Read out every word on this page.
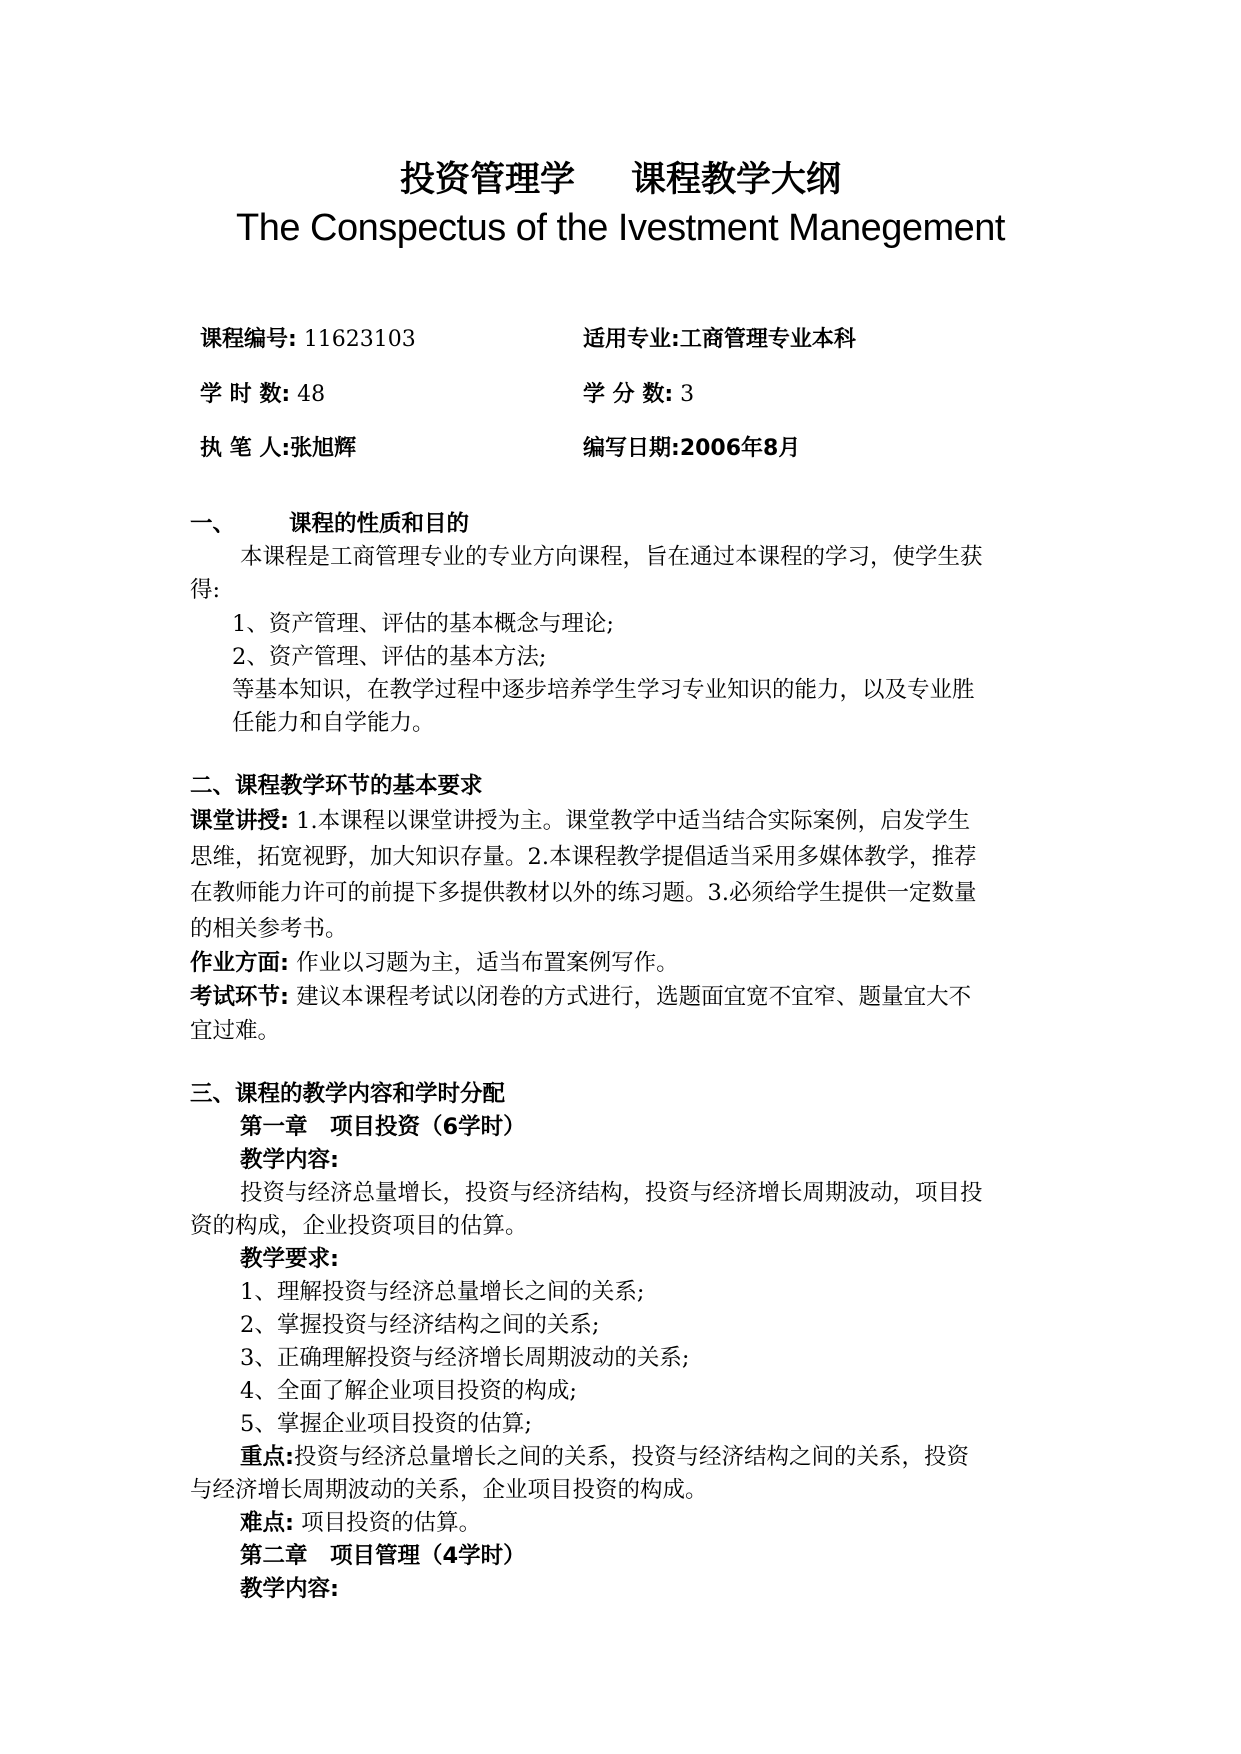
投资管理学 课程教学大纲
The Conspectus of the Ivestment Manegement
课程编号: 11623103	适用专业:工商管理专业本科
学 时 数: 48	学 分 数: 3
执 笔 人:张旭辉	编写日期:2006年8月
一、 课程的性质和目的
本课程是工商管理专业的专业方向课程，旨在通过本课程的学习，使学生获
得:
1、资产管理、评估的基本概念与理论;
2、资产管理、评估的基本方法;
等基本知识，在教学过程中逐步培养学生学习专业知识的能力，以及专业胜
任能力和自学能力。
二、课程教学环节的基本要求
课堂讲授: 1.本课程以课堂讲授为主。课堂教学中适当结合实际案例，启发学生
思维，拓宽视野，加大知识存量。2.本课程教学提倡适当采用多媒体教学，推荐
在教师能力许可的前提下多提供教材以外的练习题。3.必须给学生提供一定数量
的相关参考书。
作业方面: 作业以习题为主，适当布置案例写作。
考试环节: 建议本课程考试以闭卷的方式进行，选题面宜宽不宜窄、题量宜大不
宜过难。
三、课程的教学内容和学时分配
第一章　项目投资（6学时）
教学内容:
投资与经济总量增长，投资与经济结构，投资与经济增长周期波动，项目投
资的构成，企业投资项目的估算。
教学要求:
1、理解投资与经济总量增长之间的关系;
2、掌握投资与经济结构之间的关系;
3、正确理解投资与经济增长周期波动的关系;
4、全面了解企业项目投资的构成;
5、掌握企业项目投资的估算;
重点:投资与经济总量增长之间的关系，投资与经济结构之间的关系，投资
与经济增长周期波动的关系，企业项目投资的构成。
难点: 项目投资的估算。
第二章　项目管理（4学时）
教学内容:
